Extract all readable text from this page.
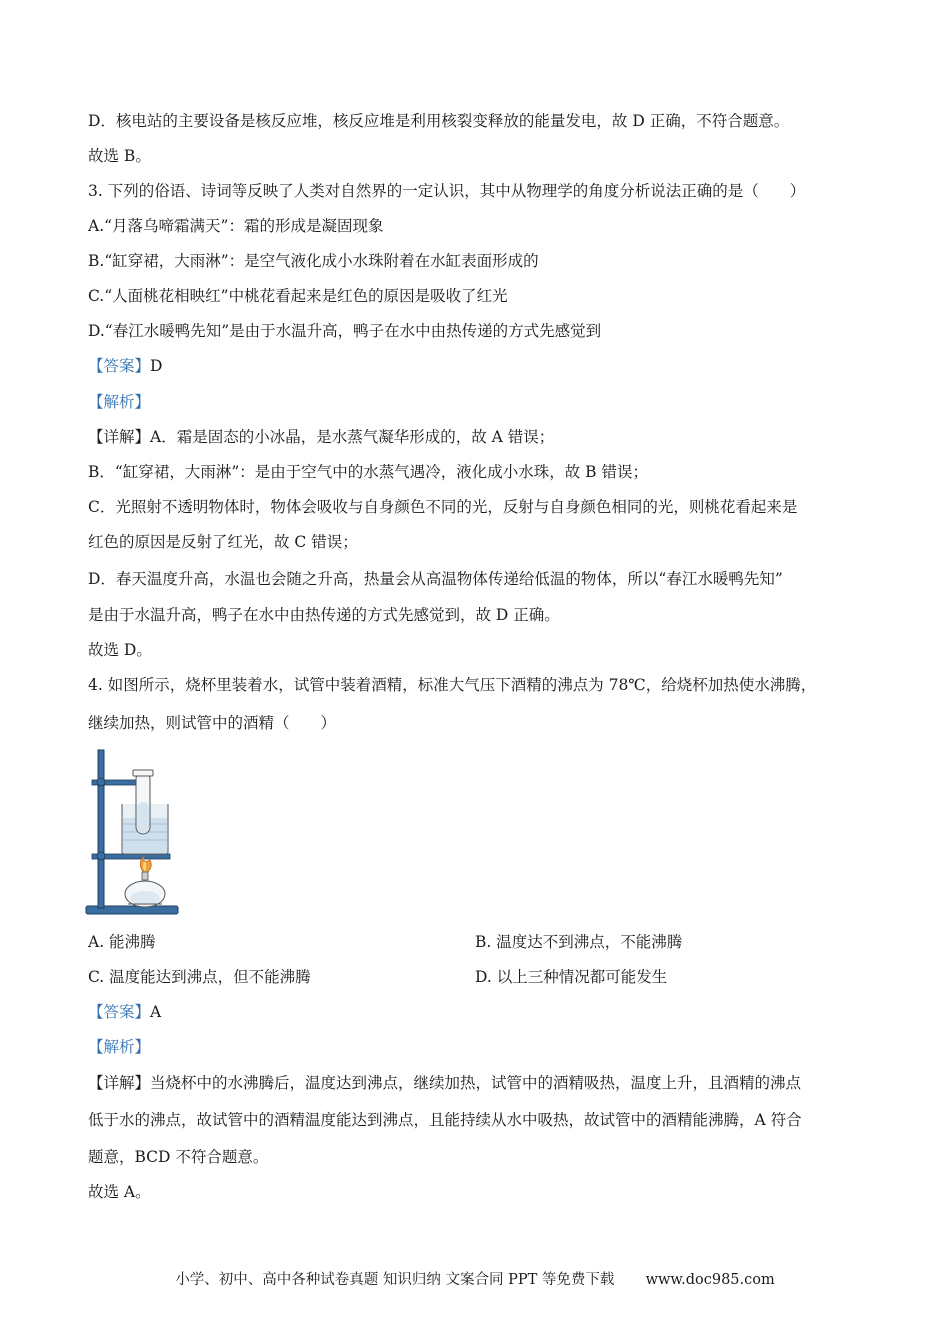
D．核电站的主要设备是核反应堆，核反应堆是利用核裂变释放的能量发电，故 D 正确，不符合题意。
故选 B。
3. 下列的俗语、诗词等反映了人类对自然界的一定认识，其中从物理学的角度分析说法正确的是（　　）
A.“月落乌啼霜满天”：霜的形成是凝固现象
B.“缸穿裙，大雨淋”：是空气液化成小水珠附着在水缸表面形成的
C.“人面桃花相映红”中桃花看起来是红色的原因是吸收了红光
D.“春江水暖鸭先知”是由于水温升高，鸭子在水中由热传递的方式先感觉到
【答案】D
【解析】
【详解】A．霜是固态的小冰晶，是水蒸气凝华形成的，故 A 错误；
B．“缸穿裙，大雨淋”：是由于空气中的水蒸气遇冷，液化成小水珠，故 B 错误；
C．光照射不透明物体时，物体会吸收与自身颜色不同的光，反射与自身颜色相同的光，则桃花看起来是
红色的原因是反射了红光，故 C 错误；
D．春天温度升高，水温也会随之升高，热量会从高温物体传递给低温的物体，所以“春江水暖鸭先知”
是由于水温升高，鸭子在水中由热传递的方式先感觉到，故 D 正确。
故选 D。
4. 如图所示，烧杯里装着水，试管中装着酒精，标准大气压下酒精的沸点为 78℃，给烧杯加热使水沸腾，
继续加热，则试管中的酒精（　　）
A. 能沸腾	B. 温度达不到沸点，不能沸腾
C. 温度能达到沸点，但不能沸腾	D. 以上三种情况都可能发生
【答案】A
【解析】
【详解】当烧杯中的水沸腾后，温度达到沸点，继续加热，试管中的酒精吸热，温度上升，且酒精的沸点
低于水的沸点，故试管中的酒精温度能达到沸点，且能持续从水中吸热，故试管中的酒精能沸腾，A 符合
题意，BCD 不符合题意。
故选 A。
小学、初中、高中各种试卷真题 知识归纳 文案合同 PPT 等免费下载 www.doc985.com
